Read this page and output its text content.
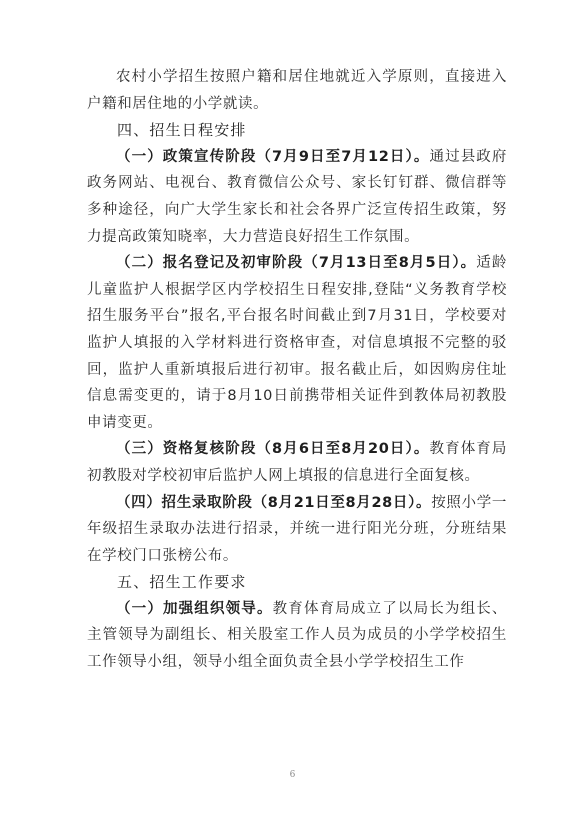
农村小学招生按照户籍和居住地就近入学原则，直接进入户籍和居住地的小学就读。

四、招生日程安排

（一）政策宣传阶段（7月9日至7月12日）。通过县政府政务网站、电视台、教育微信公众号、家长钉钉群、微信群等多种途径，向广大学生家长和社会各界广泛宣传招生政策，努力提高政策知晓率，大力营造良好招生工作氛围。

（二）报名登记及初审阶段（7月13日至8月5日）。适龄儿童监护人根据学区内学校招生日程安排,登陆“义务教育学校招生服务平台”报名,平台报名时间截止到7月31日，学校要对监护人填报的入学材料进行资格审查，对信息填报不完整的驳回，监护人重新填报后进行初审。报名截止后，如因购房住址信息需变更的，请于8月10日前携带相关证件到教体局初教股申请变更。

（三）资格复核阶段（8月6日至8月20日）。教育体育局初教股对学校初审后监护人网上填报的信息进行全面复核。

（四）招生录取阶段（8月21日至8月28日）。按照小学一年级招生录取办法进行招录，并统一进行阳光分班，分班结果在学校门口张榜公布。

五、招生工作要求

（一）加强组织领导。教育体育局成立了以局长为组长、主管领导为副组长、相关股室工作人员为成员的小学学校招生工作领导小组，领导小组全面负责全县小学学校招生工作

6
